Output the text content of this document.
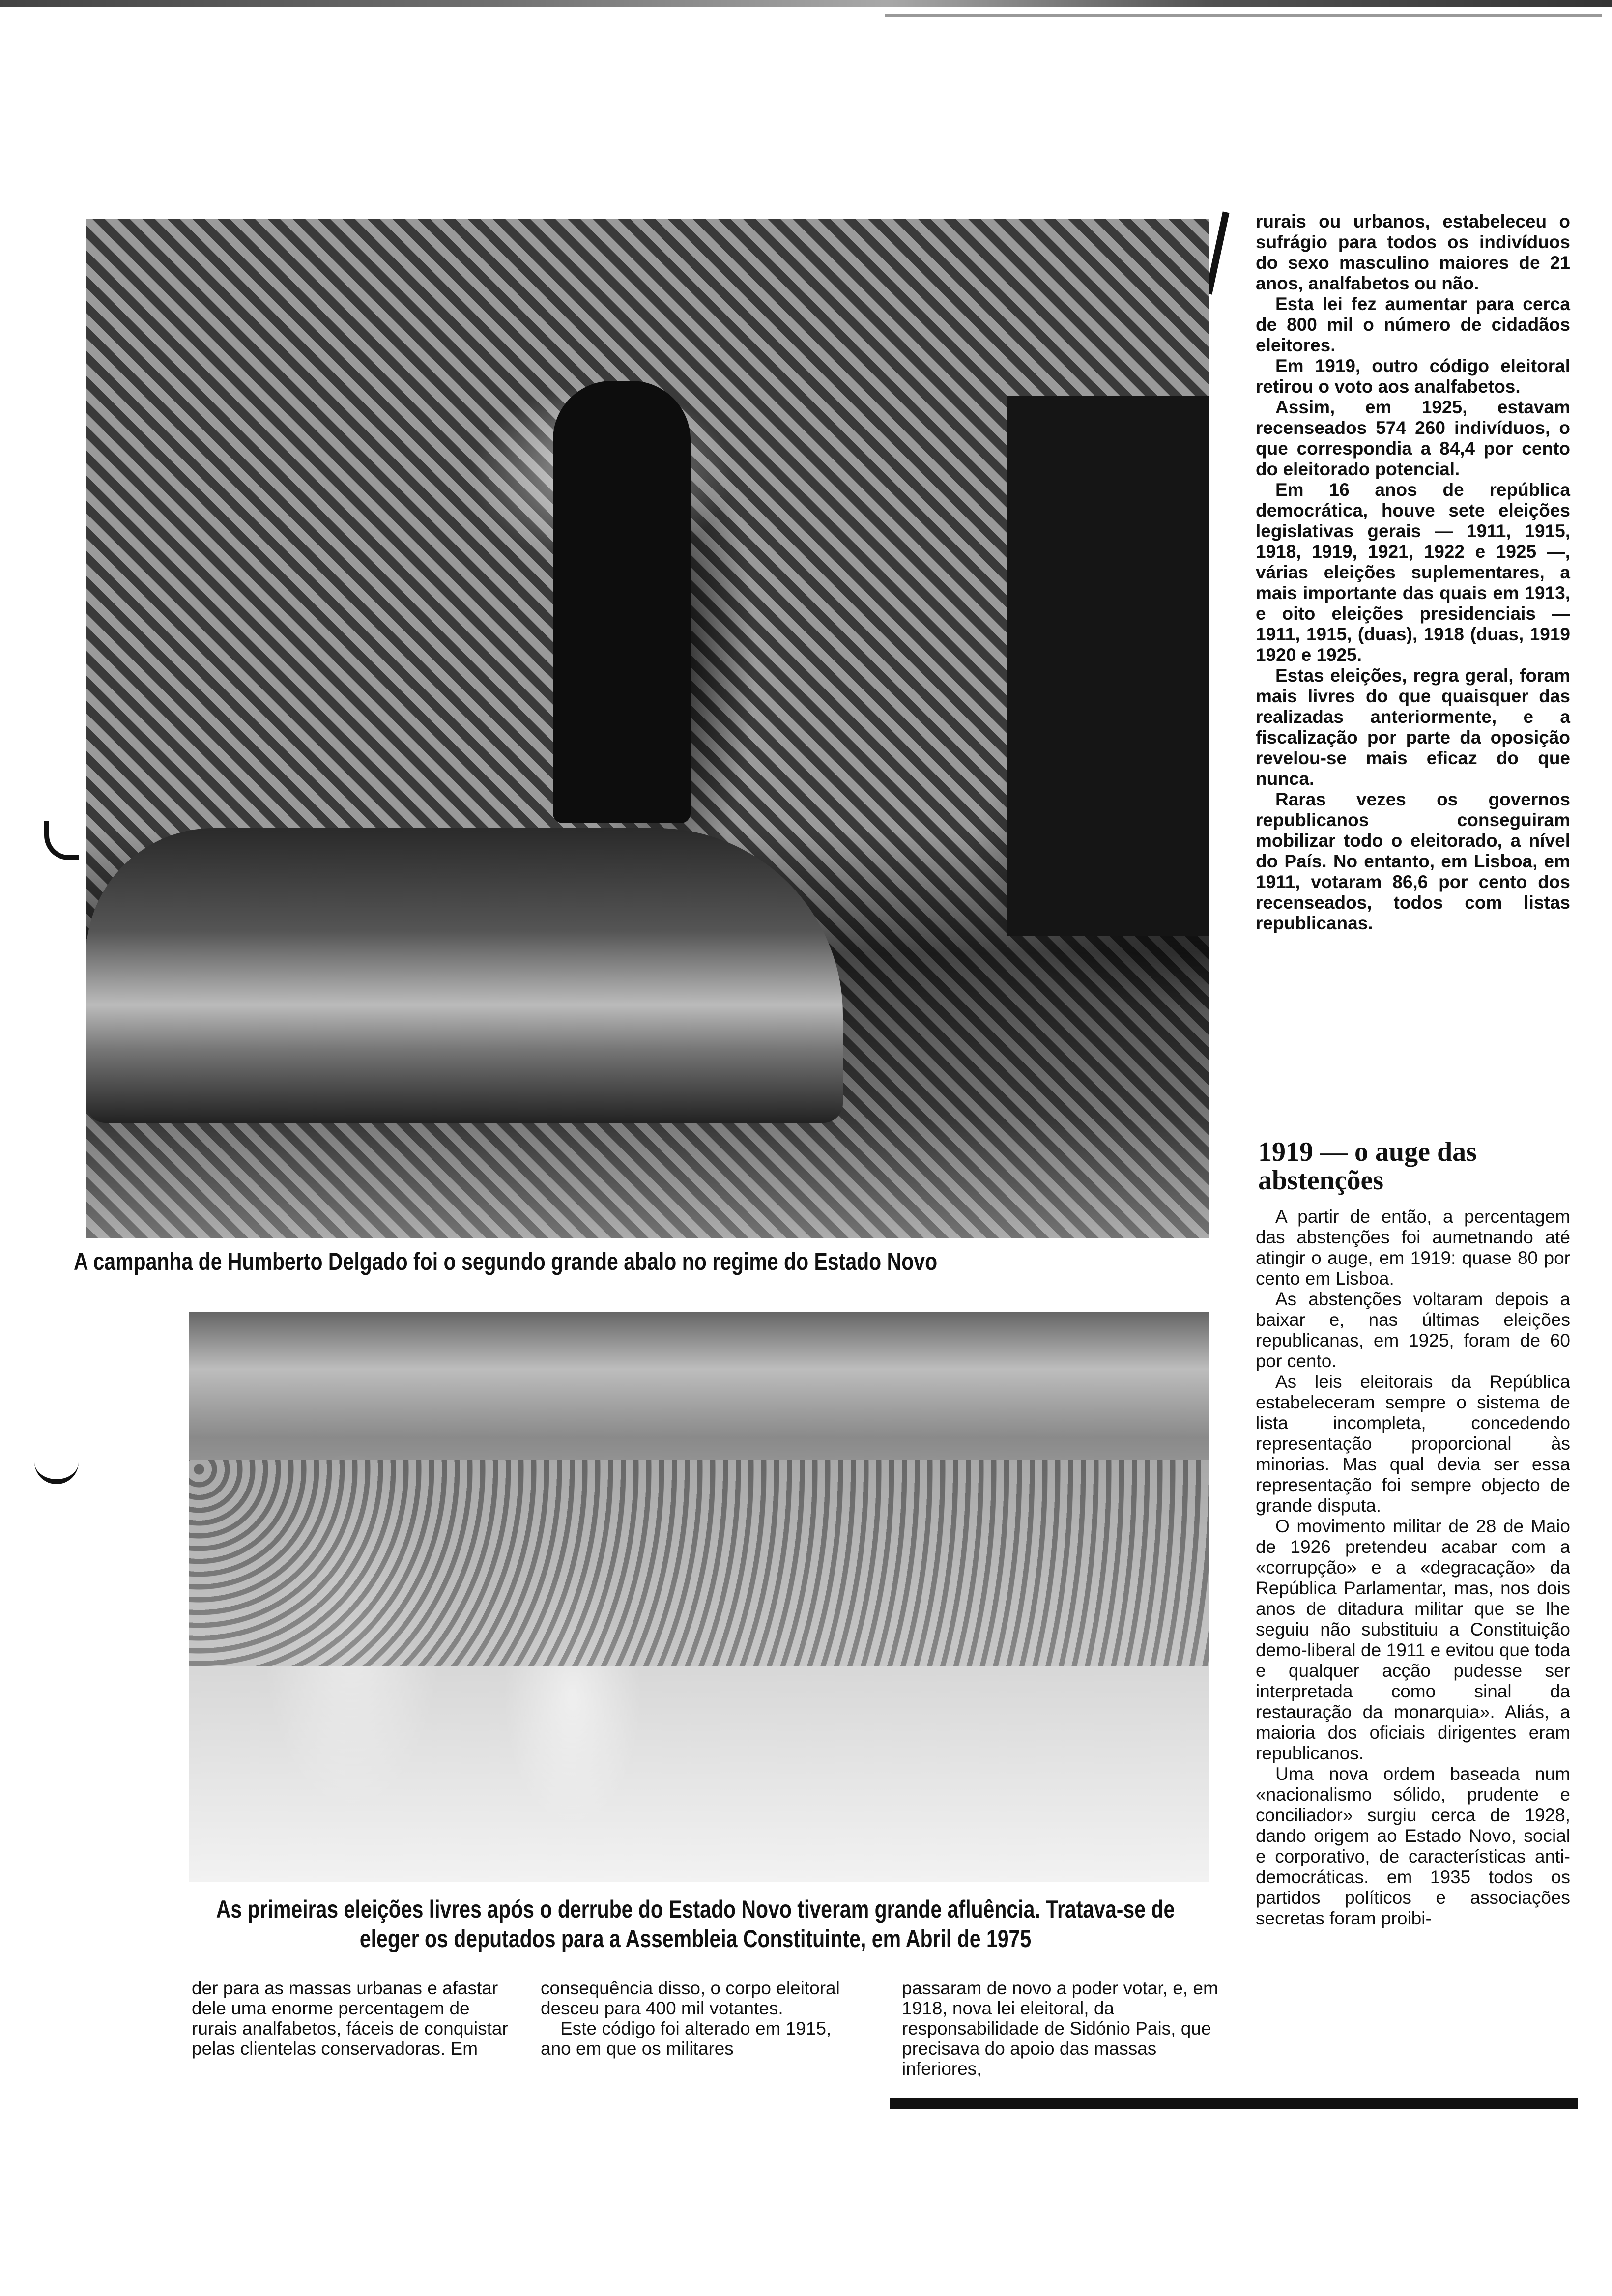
A campanha de Humberto Delgado foi o segundo grande abalo no regime do Estado Novo
As primeiras eleições livres após o derrube do Estado Novo tiveram grande afluência. Tratava-se de
eleger os deputados para a Assembleia Constituinte, em Abril de 1975

rurais ou urbanos, estabeleceu o sufrágio para todos os indivíduos do sexo masculino maiores de 21 anos, analfabetos ou não.

Esta lei fez aumentar para cerca de 800 mil o número de cidadãos eleitores.

Em 1919, outro código eleitoral retirou o voto aos analfabetos.

Assim, em 1925, estavam recenseados 574 260 indivíduos, o que correspondia a 84,4 por cento do eleitorado potencial.

Em 16 anos de república democrática, houve sete eleições legislativas gerais — 1911, 1915, 1918, 1919, 1921, 1922 e 1925 —, várias eleições suplementares, a mais importante das quais em 1913, e oito eleições presidenciais — 1911, 1915, (duas), 1918 (duas, 1919 1920 e 1925.

Estas eleições, regra geral, foram mais livres do que quaisquer das realizadas anteriormente, e a fiscalização por parte da oposição revelou-se mais eficaz do que nunca.

Raras vezes os governos republicanos conseguiram mobilizar todo o eleitorado, a nível do País. No entanto, em Lisboa, em 1911, votaram 86,6 por cento dos recenseados, todos com listas republicanas.

1919 — o auge das abstenções

A partir de então, a percentagem das abstenções foi aumetnando até atingir o auge, em 1919: quase 80 por cento em Lisboa.

As abstenções voltaram depois a baixar e, nas últimas eleições republicanas, em 1925, foram de 60 por cento.

As leis eleitorais da República estabeleceram sempre o sistema de lista incompleta, concedendo representação proporcional às minorias. Mas qual devia ser essa representação foi sempre objecto de grande disputa.

O movimento militar de 28 de Maio de 1926 pretendeu acabar com a «corrupção» e a «degracação» da República Parlamentar, mas, nos dois anos de ditadura militar que se lhe seguiu não substituiu a Constituição demo-liberal de 1911 e evitou que toda e qualquer acção pudesse ser interpretada como sinal da restauração da monarquia». Aliás, a maioria dos oficiais dirigentes eram republicanos.

Uma nova ordem baseada num «nacionalismo sólido, prudente e conciliador» surgiu cerca de 1928, dando origem ao Estado Novo, social e corporativo, de características anti-democráticas. em 1935 todos os partidos políticos e associações secretas foram proibi-

der para as massas urbanas e afastar dele uma enorme percentagem de rurais analfabetos, fáceis de conquistar pelas clientelas conservadoras. Em

consequência disso, o corpo eleitoral desceu para 400 mil votantes.

Este código foi alterado em 1915, ano em que os militares

passaram de novo a poder votar, e, em 1918, nova lei eleitoral, da responsabilidade de Sidónio Pais, que precisava do apoio das massas inferiores,
